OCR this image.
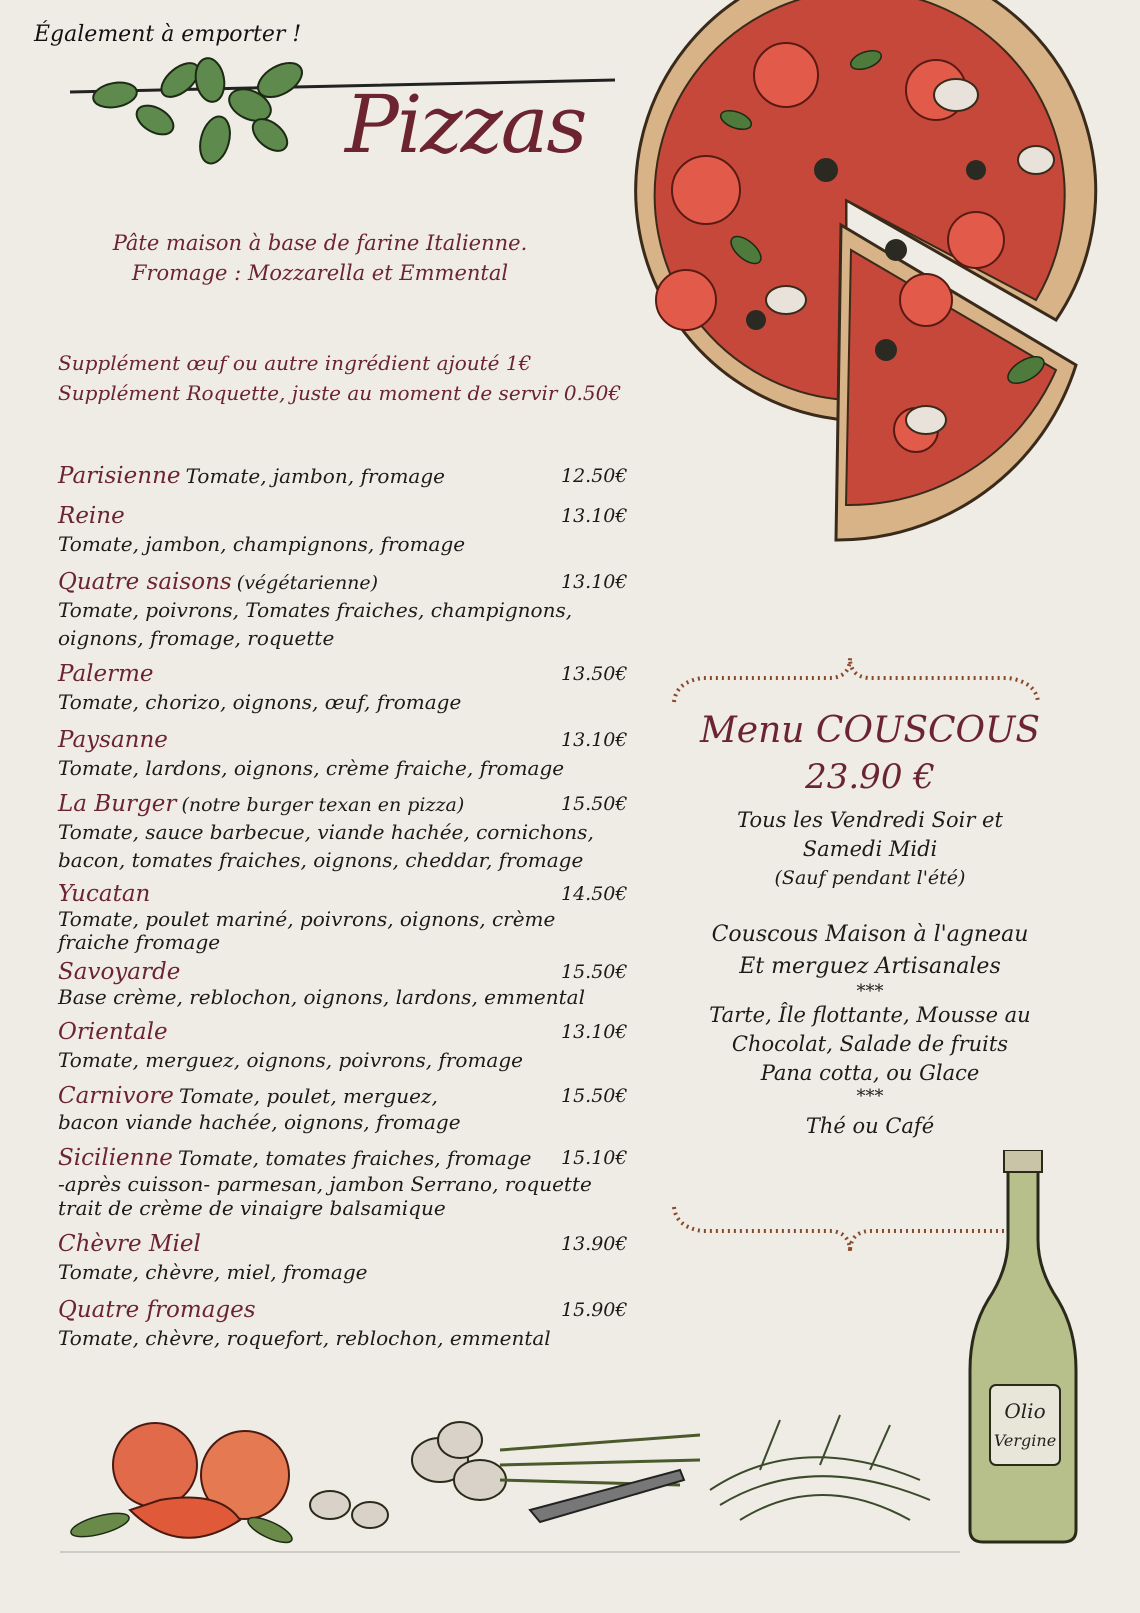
Également à emporter !
Pizzas
Pâte maison à base de farine Italienne.
Fromage : Mozzarella et Emmental
Supplément œuf ou autre ingrédient ajouté 1€
Supplément Roquette, juste au moment de servir 0.50€
Parisienne Tomate, jambon, fromage	12.50€
Reine	13.10€
Tomate, jambon, champignons, fromage
Quatre saisons (végétarienne)	13.10€
Tomate, poivrons, Tomates fraiches, champignons,
oignons, fromage, roquette
Palerme	13.50€
Tomate, chorizo, oignons, œuf, fromage
Paysanne	13.10€
Tomate, lardons, oignons, crème fraiche, fromage
La Burger (notre burger texan en pizza)	15.50€
Tomate, sauce barbecue, viande hachée, cornichons,
bacon, tomates fraiches, oignons, cheddar, fromage
Yucatan	14.50€
Tomate, poulet mariné, poivrons, oignons, crème
fraiche fromage
Savoyarde	15.50€
Base crème, reblochon, oignons, lardons, emmental
Orientale	13.10€
Tomate, merguez, oignons, poivrons, fromage
Carnivore Tomate, poulet, merguez,	15.50€
bacon viande hachée, oignons, fromage
Sicilienne Tomate, tomates fraiches, fromage 15.10€
-après cuisson- parmesan, jambon Serrano, roquette
trait de crème de vinaigre balsamique
Chèvre Miel	13.90€
Tomate, chèvre, miel, fromage
Quatre fromages	15.90€
Tomate, chèvre, roquefort, reblochon, emmental
Menu COUSCOUS
23.90 €
Tous les Vendredi Soir et
Samedi Midi
(Sauf pendant l'été)
Couscous Maison à l'agneau
Et merguez Artisanales
***
Tarte, Île flottante, Mousse au
Chocolat, Salade de fruits
Pana cotta, ou Glace
***
Thé ou Café
Olio
Vergine
